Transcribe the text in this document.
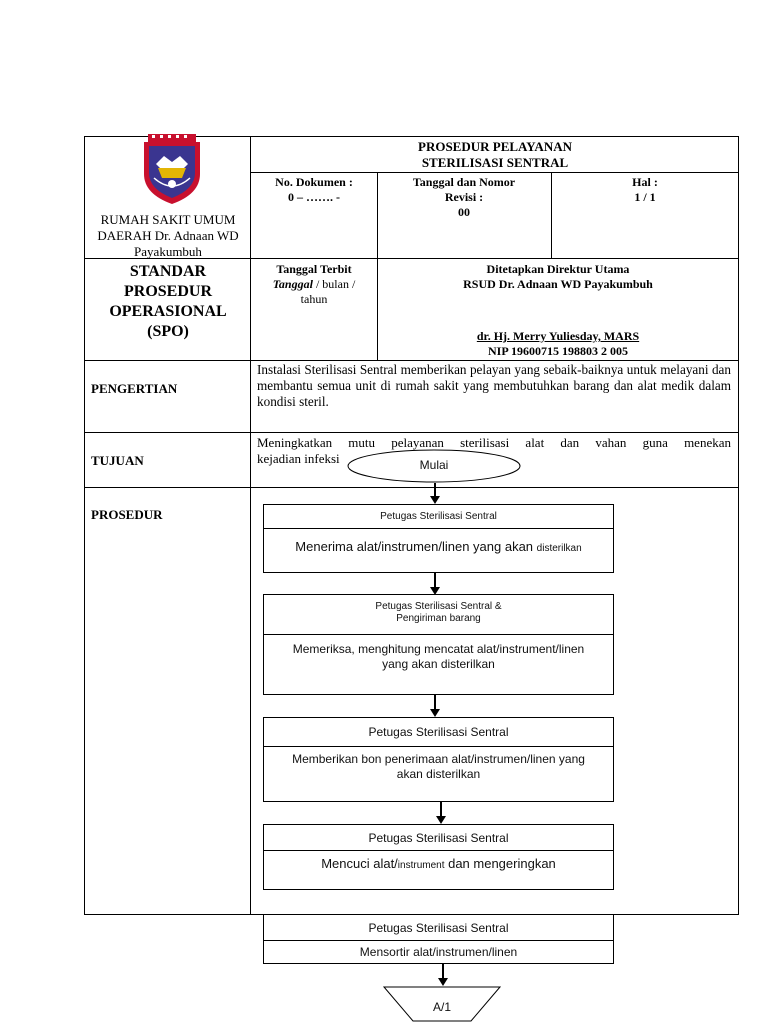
RUMAH SAKIT UMUM
DAERAH Dr. Adnaan WD
Payakumbuh
PROSEDUR PELAYANAN
STERILISASI SENTRAL
No. Dokumen :
0 – ……. -
Tanggal dan Nomor
Revisi :
00
Hal :
1 / 1
STANDAR
PROSEDUR
OPERASIONAL
(SPO)
Tanggal Terbit
Tanggal / bulan /
tahun
Ditetapkan Direktur Utama
RSUD Dr. Adnaan WD Payakumbuh
dr. Hj. Merry Yuliesday, MARS
NIP 19600715 198803 2 005
PENGERTIAN
Instalasi Sterilisasi Sentral memberikan pelayan yang sebaik-baiknya untuk melayani dan membantu semua unit di rumah sakit yang membutuhkan barang dan alat medik dalam kondisi steril.
TUJUAN
Meningkatkan mutu pelayanan sterilisasi alat dan vahan guna menekan
kejadian infeksi
PROSEDUR
Mulai
Petugas Sterilisasi Sentral
Menerima alat/instrumen/linen yang akan disterilkan
Petugas Sterilisasi Sentral &
Pengiriman barang
Memeriksa, menghitung mencatat alat/instrument/linen
yang akan disterilkan
Petugas Sterilisasi Sentral
Memberikan bon penerimaan alat/instrumen/linen yang
akan disterilkan
Petugas Sterilisasi Sentral
Mencuci alat/instrument dan mengeringkan
Petugas Sterilisasi Sentral
Mensortir alat/instrumen/linen
A/1
